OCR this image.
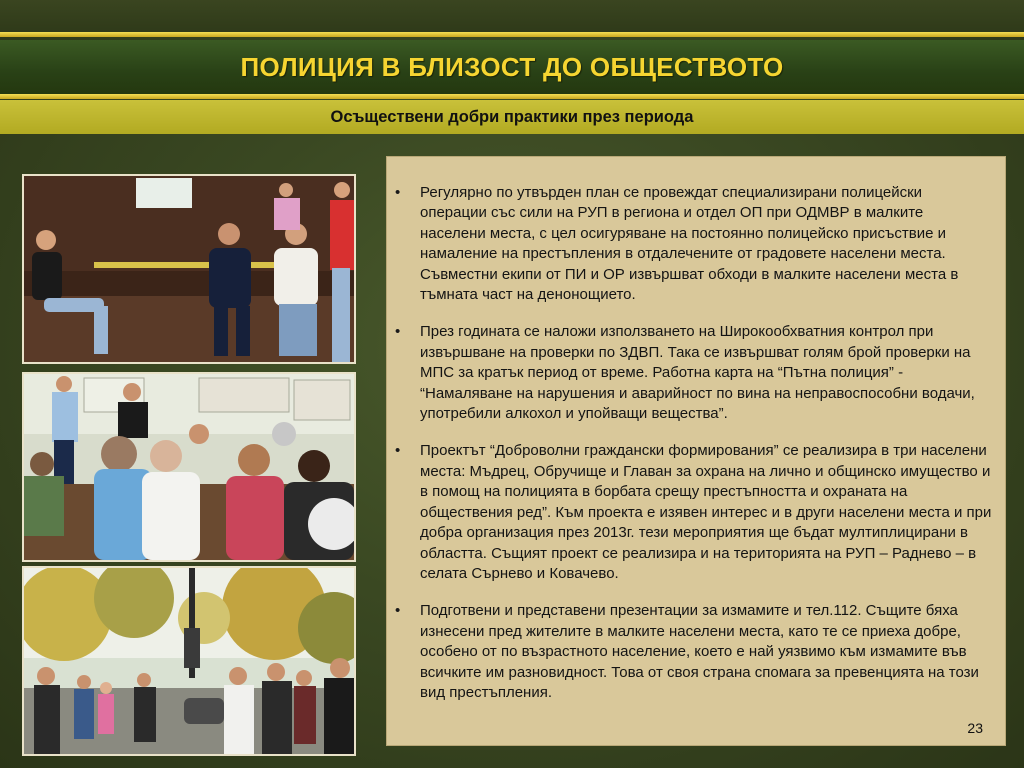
ПОЛИЦИЯ В БЛИЗОСТ ДО ОБЩЕСТВОТО
Осъществени добри практики през периода
• Регулярно по утвърден план се провеждат специализирани полицейски операции със сили на РУП в региона и отдел ОП при ОДМВР в малките населени места, с цел осигуряване на постоянно полицейско присъствие и намаление на престъпления в отдалечените от градовете населени места. Съвместни екипи от ПИ и ОР извършват обходи в малките населени места в тъмната част на денонощието.
• През годината се наложи използването на Широкообхватния контрол при извършване на проверки по ЗДВП. Така се извършват голям брой проверки на МПС за кратък период от време. Работна карта на “Пътна полиция” - “Намаляване на нарушения и аварийност по вина на неправоспособни водачи, употребили алкохол и упойващи вещества”.
• Проектът “Доброволни граждански формирования” се реализира в три населени места: Мъдрец, Обручище и Главан за охрана на лично и общинско имущество и в помощ на полицията в борбата срещу престъпността и охраната на обществения ред”. Към проекта е изявен интерес и в други населени места и при добра организация през 2013г. тези мероприятия ще бъдат мултиплицирани в областта. Същият проект се реализира и на територията на РУП – Раднево – в селата Сърнево и Ковачево.
• Подготвени и представени презентации за измамите и тел.112. Същите бяха изнесени пред жителите в малките населени места, като те се приеха добре, особено от по възрастното население, което е най уязвимо към измамите във всичките им разновидност. Това от своя страна спомага за превенцията на този вид престъпления.
23
